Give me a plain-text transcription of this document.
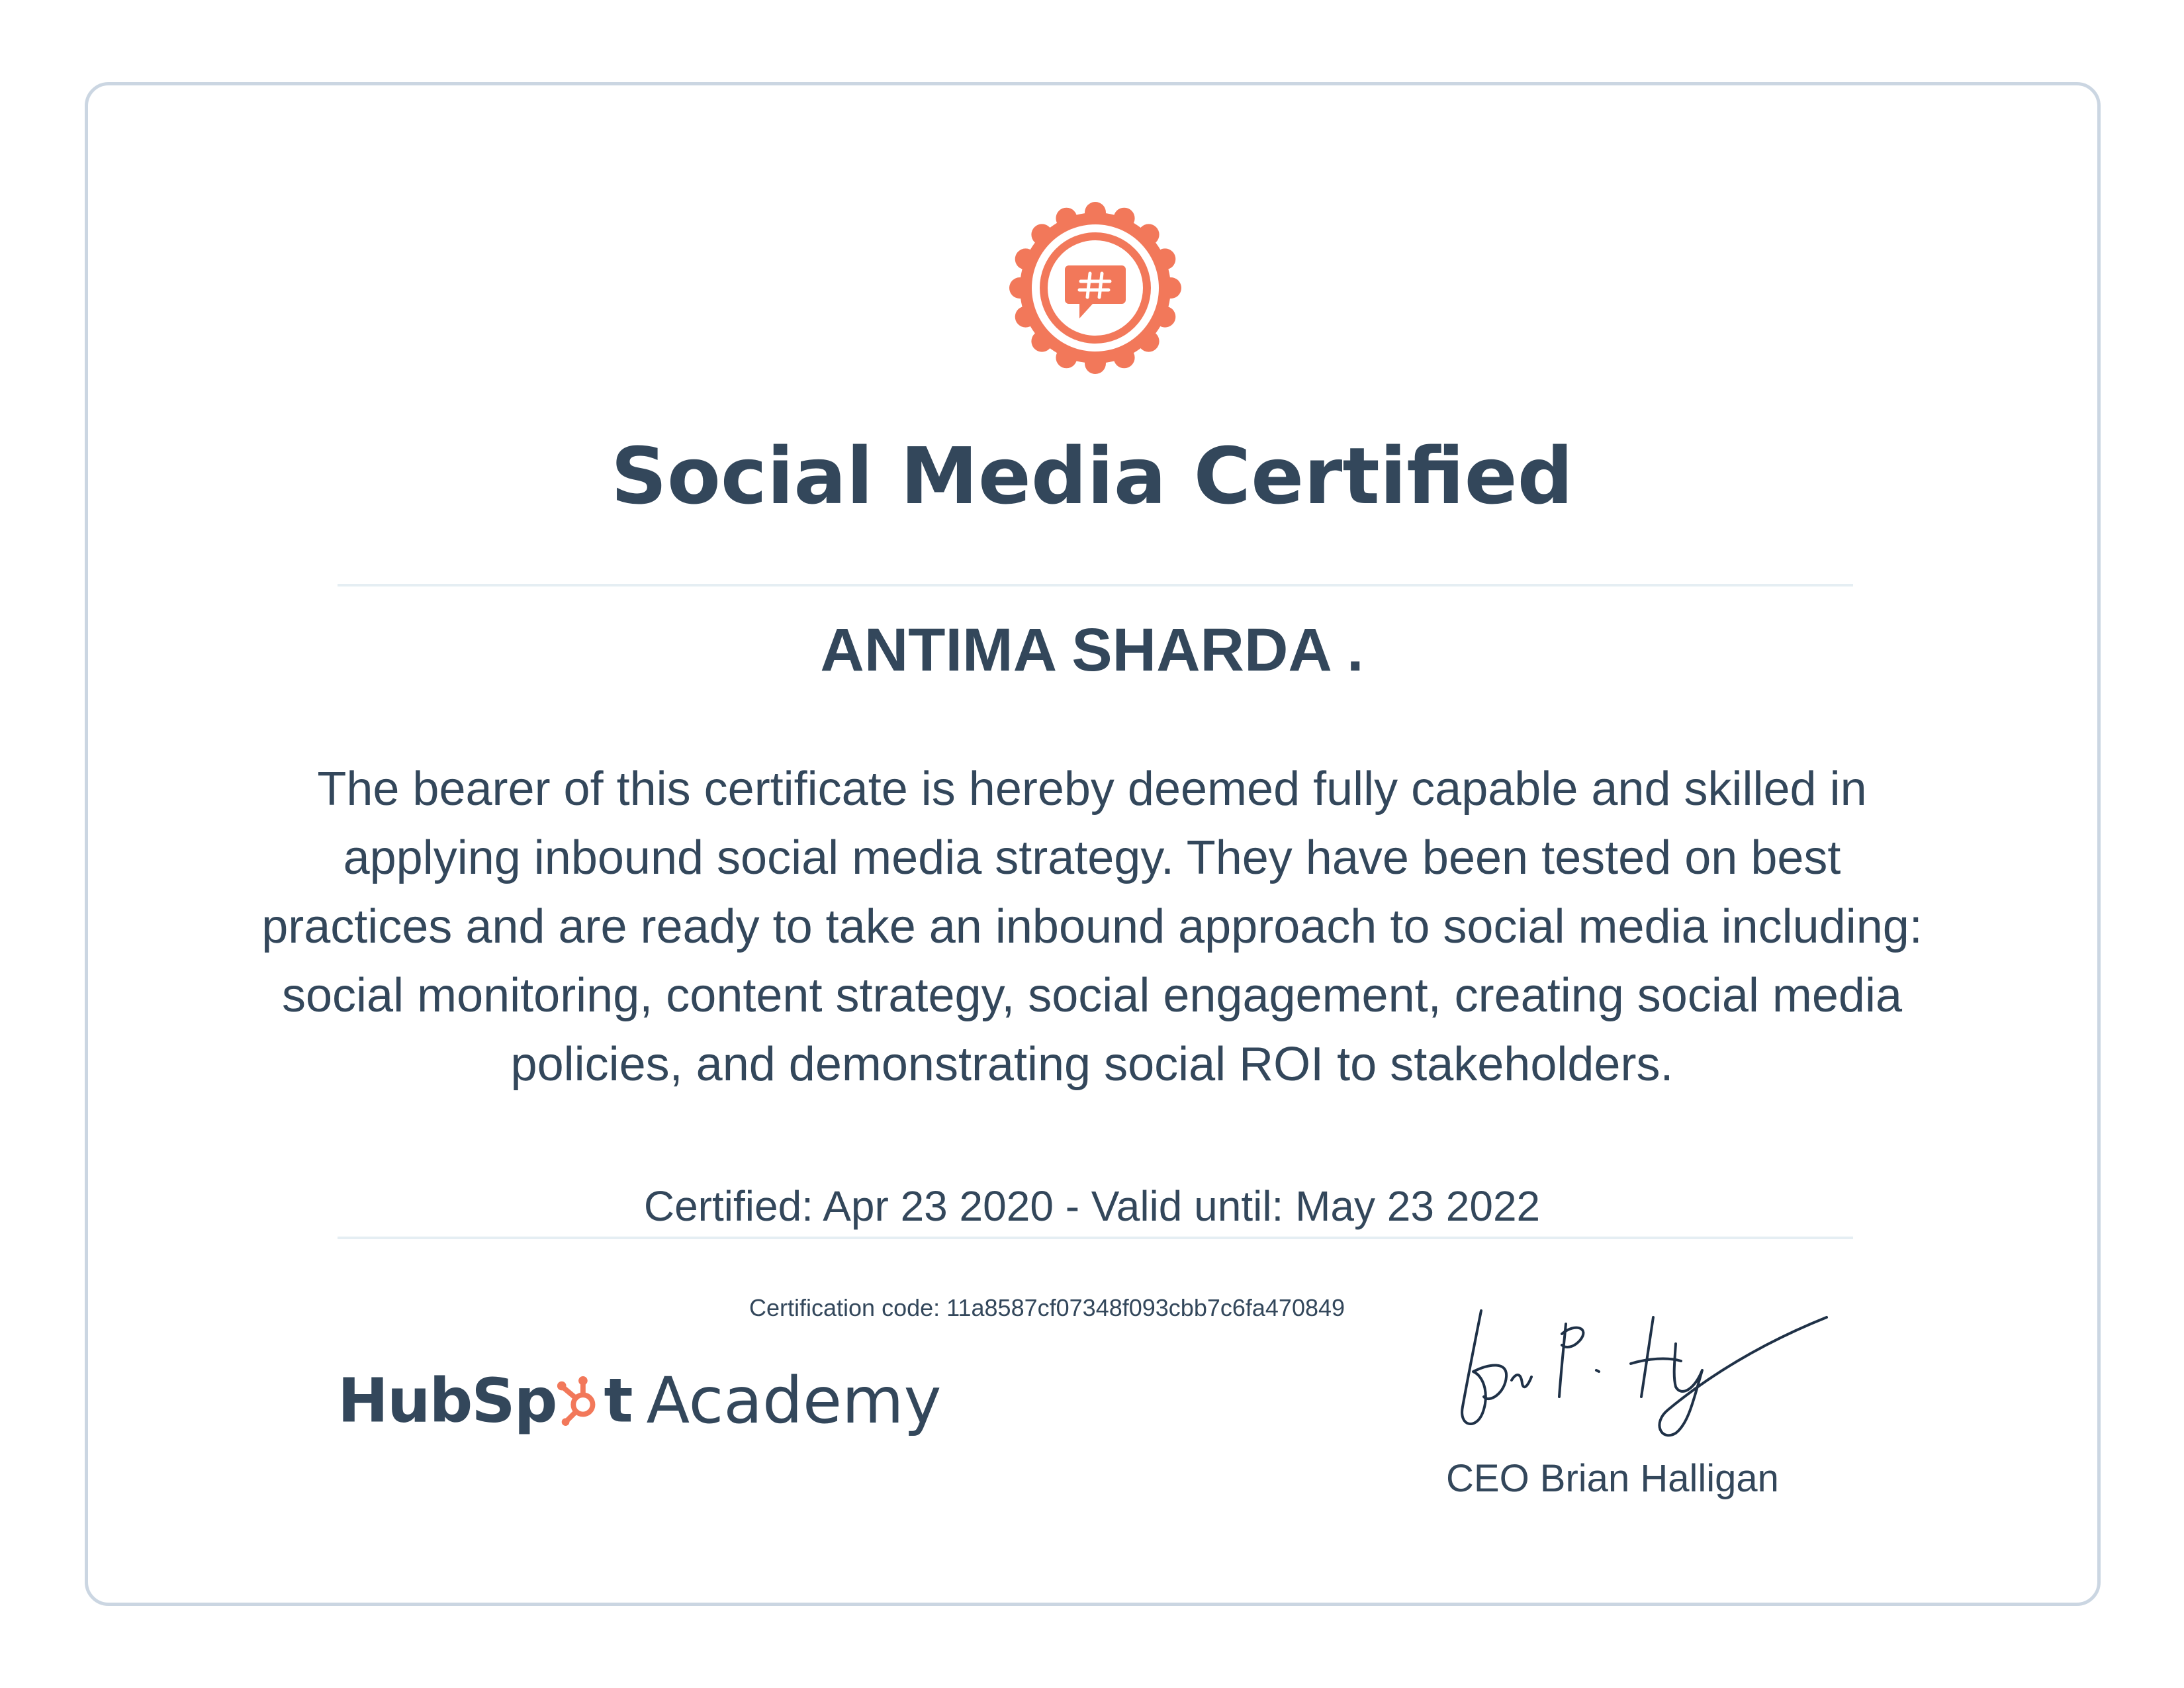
Social Media Certified
ANTIMA SHARDA .
The bearer of this certificate is hereby deemed fully capable and skilled in applying inbound social media strategy. They have been tested on best practices and are ready to take an inbound approach to social media including: social monitoring, content strategy, social engagement, creating social media policies, and demonstrating social ROI to stakeholders.
Certified: Apr 23 2020 - Valid until: May 23 2022
Certification code: 11a8587cf07348f093cbb7c6fa470849
HubSp t Academy
CEO Brian Halligan
